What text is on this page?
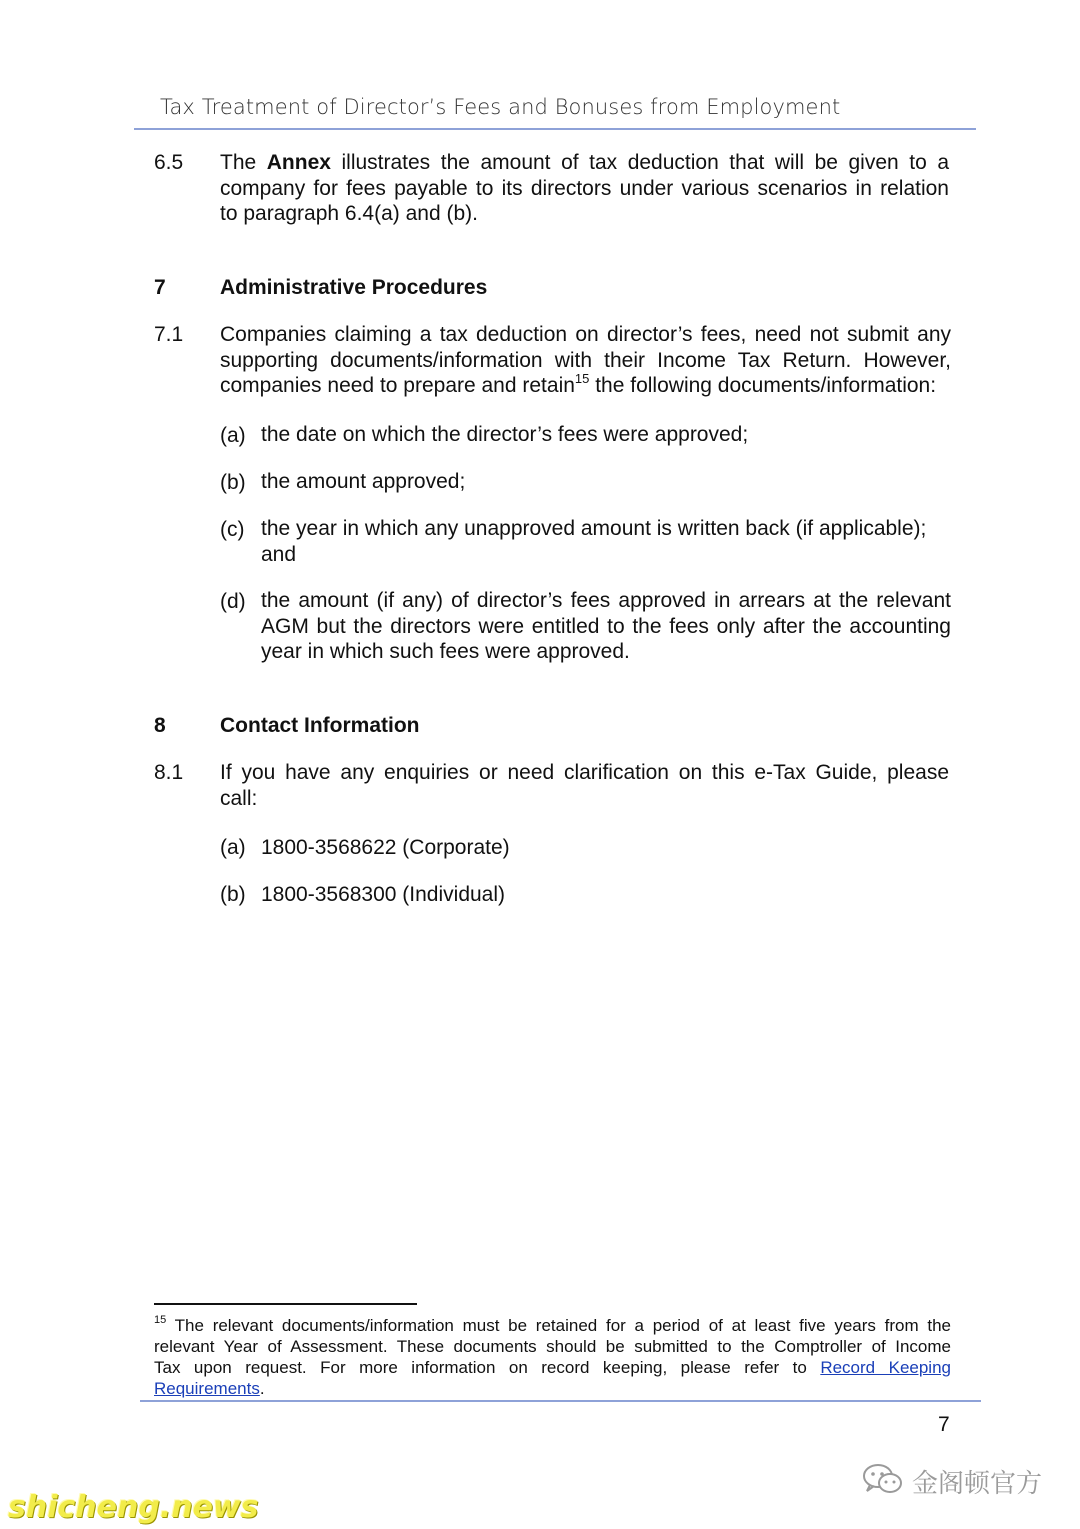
Tax Treatment of Director’s Fees and Bonuses from Employment
6.5 The Annex illustrates the amount of tax deduction that will be given to a
company for fees payable to its directors under various scenarios in relation
to paragraph 6.4(a) and (b).
7	Administrative Procedures
7.1 Companies claiming a tax deduction on director’s fees, need not submit any
supporting documents/information with their Income Tax Return. However,
companies need to prepare and retain$^{15}$ the following documents/information:
(a) the date on which the director’s fees were approved;
(b) the amount approved;
(c) the year in which any unapproved amount is written back (if applicable);
and
(d) the amount (if any) of director’s fees approved in arrears at the relevant
AGM but the directors were entitled to the fees only after the accounting
year in which such fees were approved.
8	Contact Information
8.1 If you have any enquiries or need clarification on this e-Tax Guide, please
call:
(a) 1800-3568622 (Corporate)
(b) 1800-3568300 (Individual)
$^{15}$ The relevant documents/information must be retained for a period of at least five years from the
relevant Year of Assessment. These documents should be submitted to the Comptroller of Income
Tax upon request. For more information on record keeping, please refer to Record Keeping
Requirements.
7
shicheng.news
金阁顿官方
